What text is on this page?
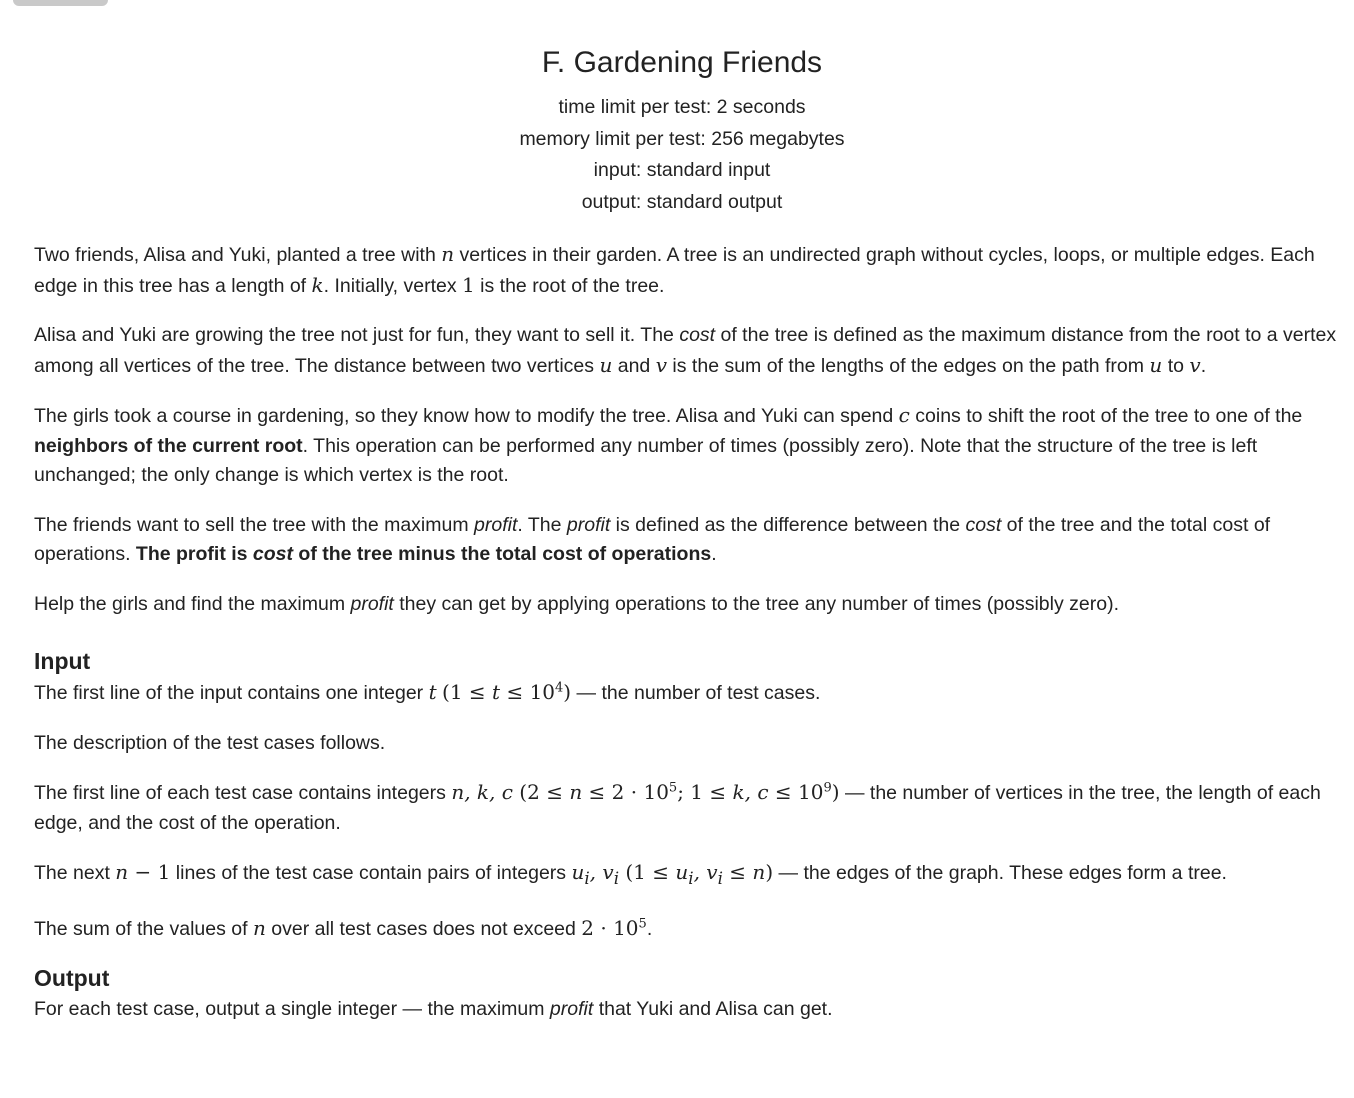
F. Gardening Friends
time limit per test: 2 seconds
memory limit per test: 256 megabytes
input: standard input
output: standard output

Two friends, Alisa and Yuki, planted a tree with n vertices in their garden. A tree is an undirected graph without cycles, loops, or multiple edges. Each edge in this tree has a length of k. Initially, vertex 1 is the root of the tree.

Alisa and Yuki are growing the tree not just for fun, they want to sell it. The cost of the tree is defined as the maximum distance from the root to a vertex among all vertices of the tree. The distance between two vertices u and v is the sum of the lengths of the edges on the path from u to v.

The girls took a course in gardening, so they know how to modify the tree. Alisa and Yuki can spend c coins to shift the root of the tree to one of the neighbors of the current root. This operation can be performed any number of times (possibly zero). Note that the structure of the tree is left unchanged; the only change is which vertex is the root.

The friends want to sell the tree with the maximum profit. The profit is defined as the difference between the cost of the tree and the total cost of operations. The profit is cost of the tree minus the total cost of operations.

Help the girls and find the maximum profit they can get by applying operations to the tree any number of times (possibly zero).

Input

The first line of the input contains one integer t $(1 \le t \le 10^4)$ — the number of test cases.

The description of the test cases follows.

The first line of each test case contains integers n, k, c ($2 \le n \le 2 \cdot 10^5$; 1 ≤ k, $c \le 10^9$) — the number of vertices in the tree, the length of each edge, and the cost of the operation.

The next n − 1 lines of the test case contain pairs of integers $u_i$, $v_i$ ($1 \le u_i$, $v_i \le n$) — the edges of the graph. These edges form a tree.

The sum of the values of n over all test cases does not exceed $2 \cdot 10^5$.

Output

For each test case, output a single integer — the maximum profit that Yuki and Alisa can get.
